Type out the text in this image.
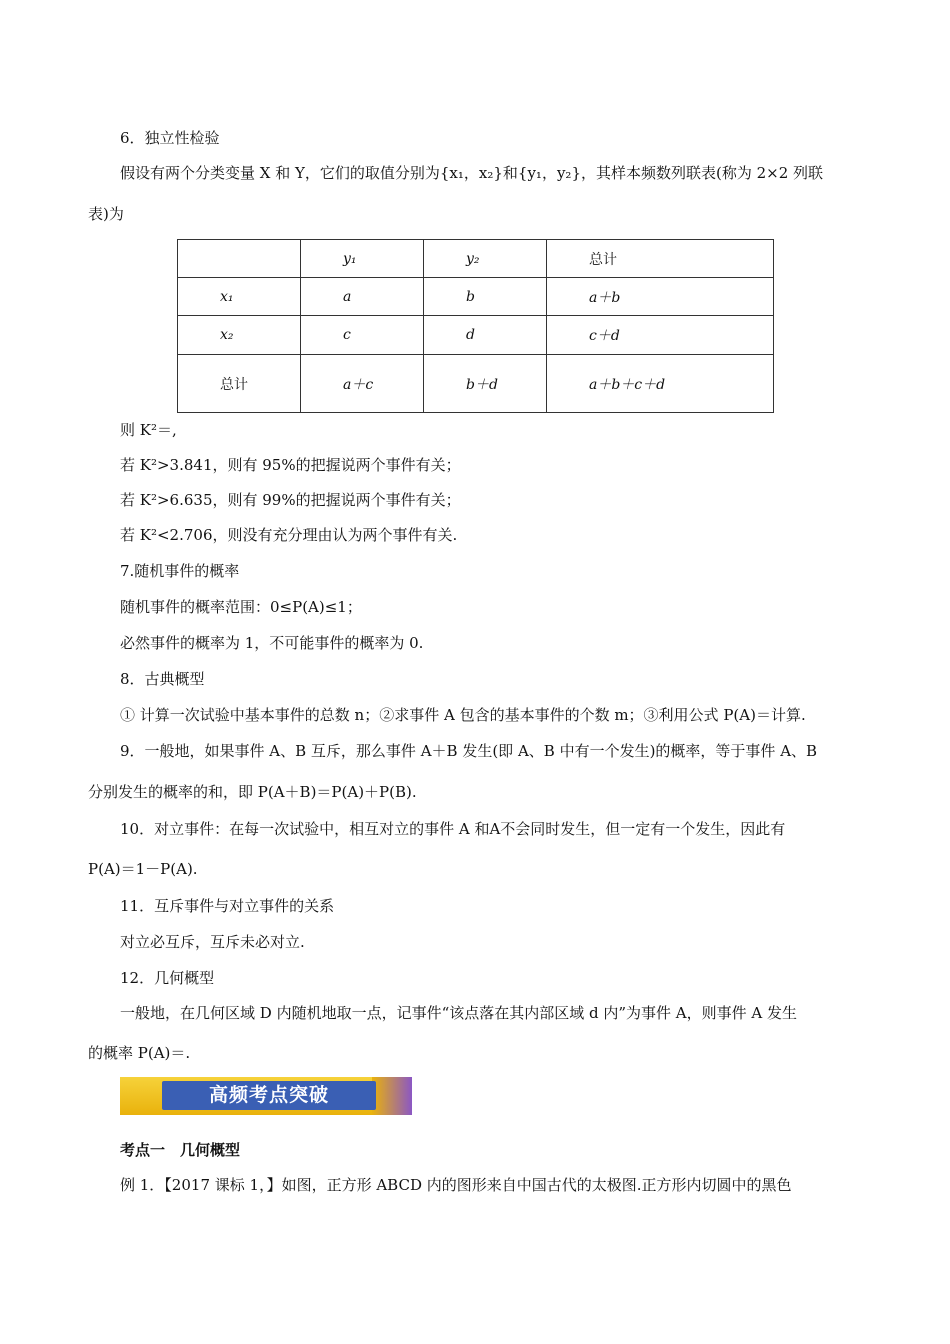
6．独立性检验
假设有两个分类变量 X 和 Y，它们的取值分别为{x₁，x₂}和{y₁，y₂}，其样本频数列联表(称为 2×2 列联
表)为
	y₁	y₂	总计
x₁	a	b	a＋b
x₂	c	d	c＋d
总计	a＋c	b＋d	a＋b＋c＋d
则 K²＝,
若 K²>3.841，则有 95%的把握说两个事件有关；
若 K²>6.635，则有 99%的把握说两个事件有关；
若 K²<2.706，则没有充分理由认为两个事件有关.
7.随机事件的概率
随机事件的概率范围：0≤P(A)≤1；
必然事件的概率为 1，不可能事件的概率为 0.
8．古典概型
① 计算一次试验中基本事件的总数 n；②求事件 A 包含的基本事件的个数 m；③利用公式 P(A)＝计算.
9．一般地，如果事件 A、B 互斥，那么事件 A＋B 发生(即 A、B 中有一个发生)的概率，等于事件 A、B
分别发生的概率的和，即 P(A＋B)＝P(A)＋P(B).
10．对立事件：在每一次试验中，相互对立的事件 A 和A不会同时发生，但一定有一个发生，因此有
P(A)＝1－P(A).
11．互斥事件与对立事件的关系
对立必互斥，互斥未必对立.
12．几何概型
一般地，在几何区域 D 内随机地取一点，记事件“该点落在其内部区域 d 内”为事件 A，则事件 A 发生
的概率 P(A)＝.
高频考点突破
考点一　几何概型
例 1．【2017 课标 1，】如图，正方形 ABCD 内的图形来自中国古代的太极图.正方形内切圆中的黑色
